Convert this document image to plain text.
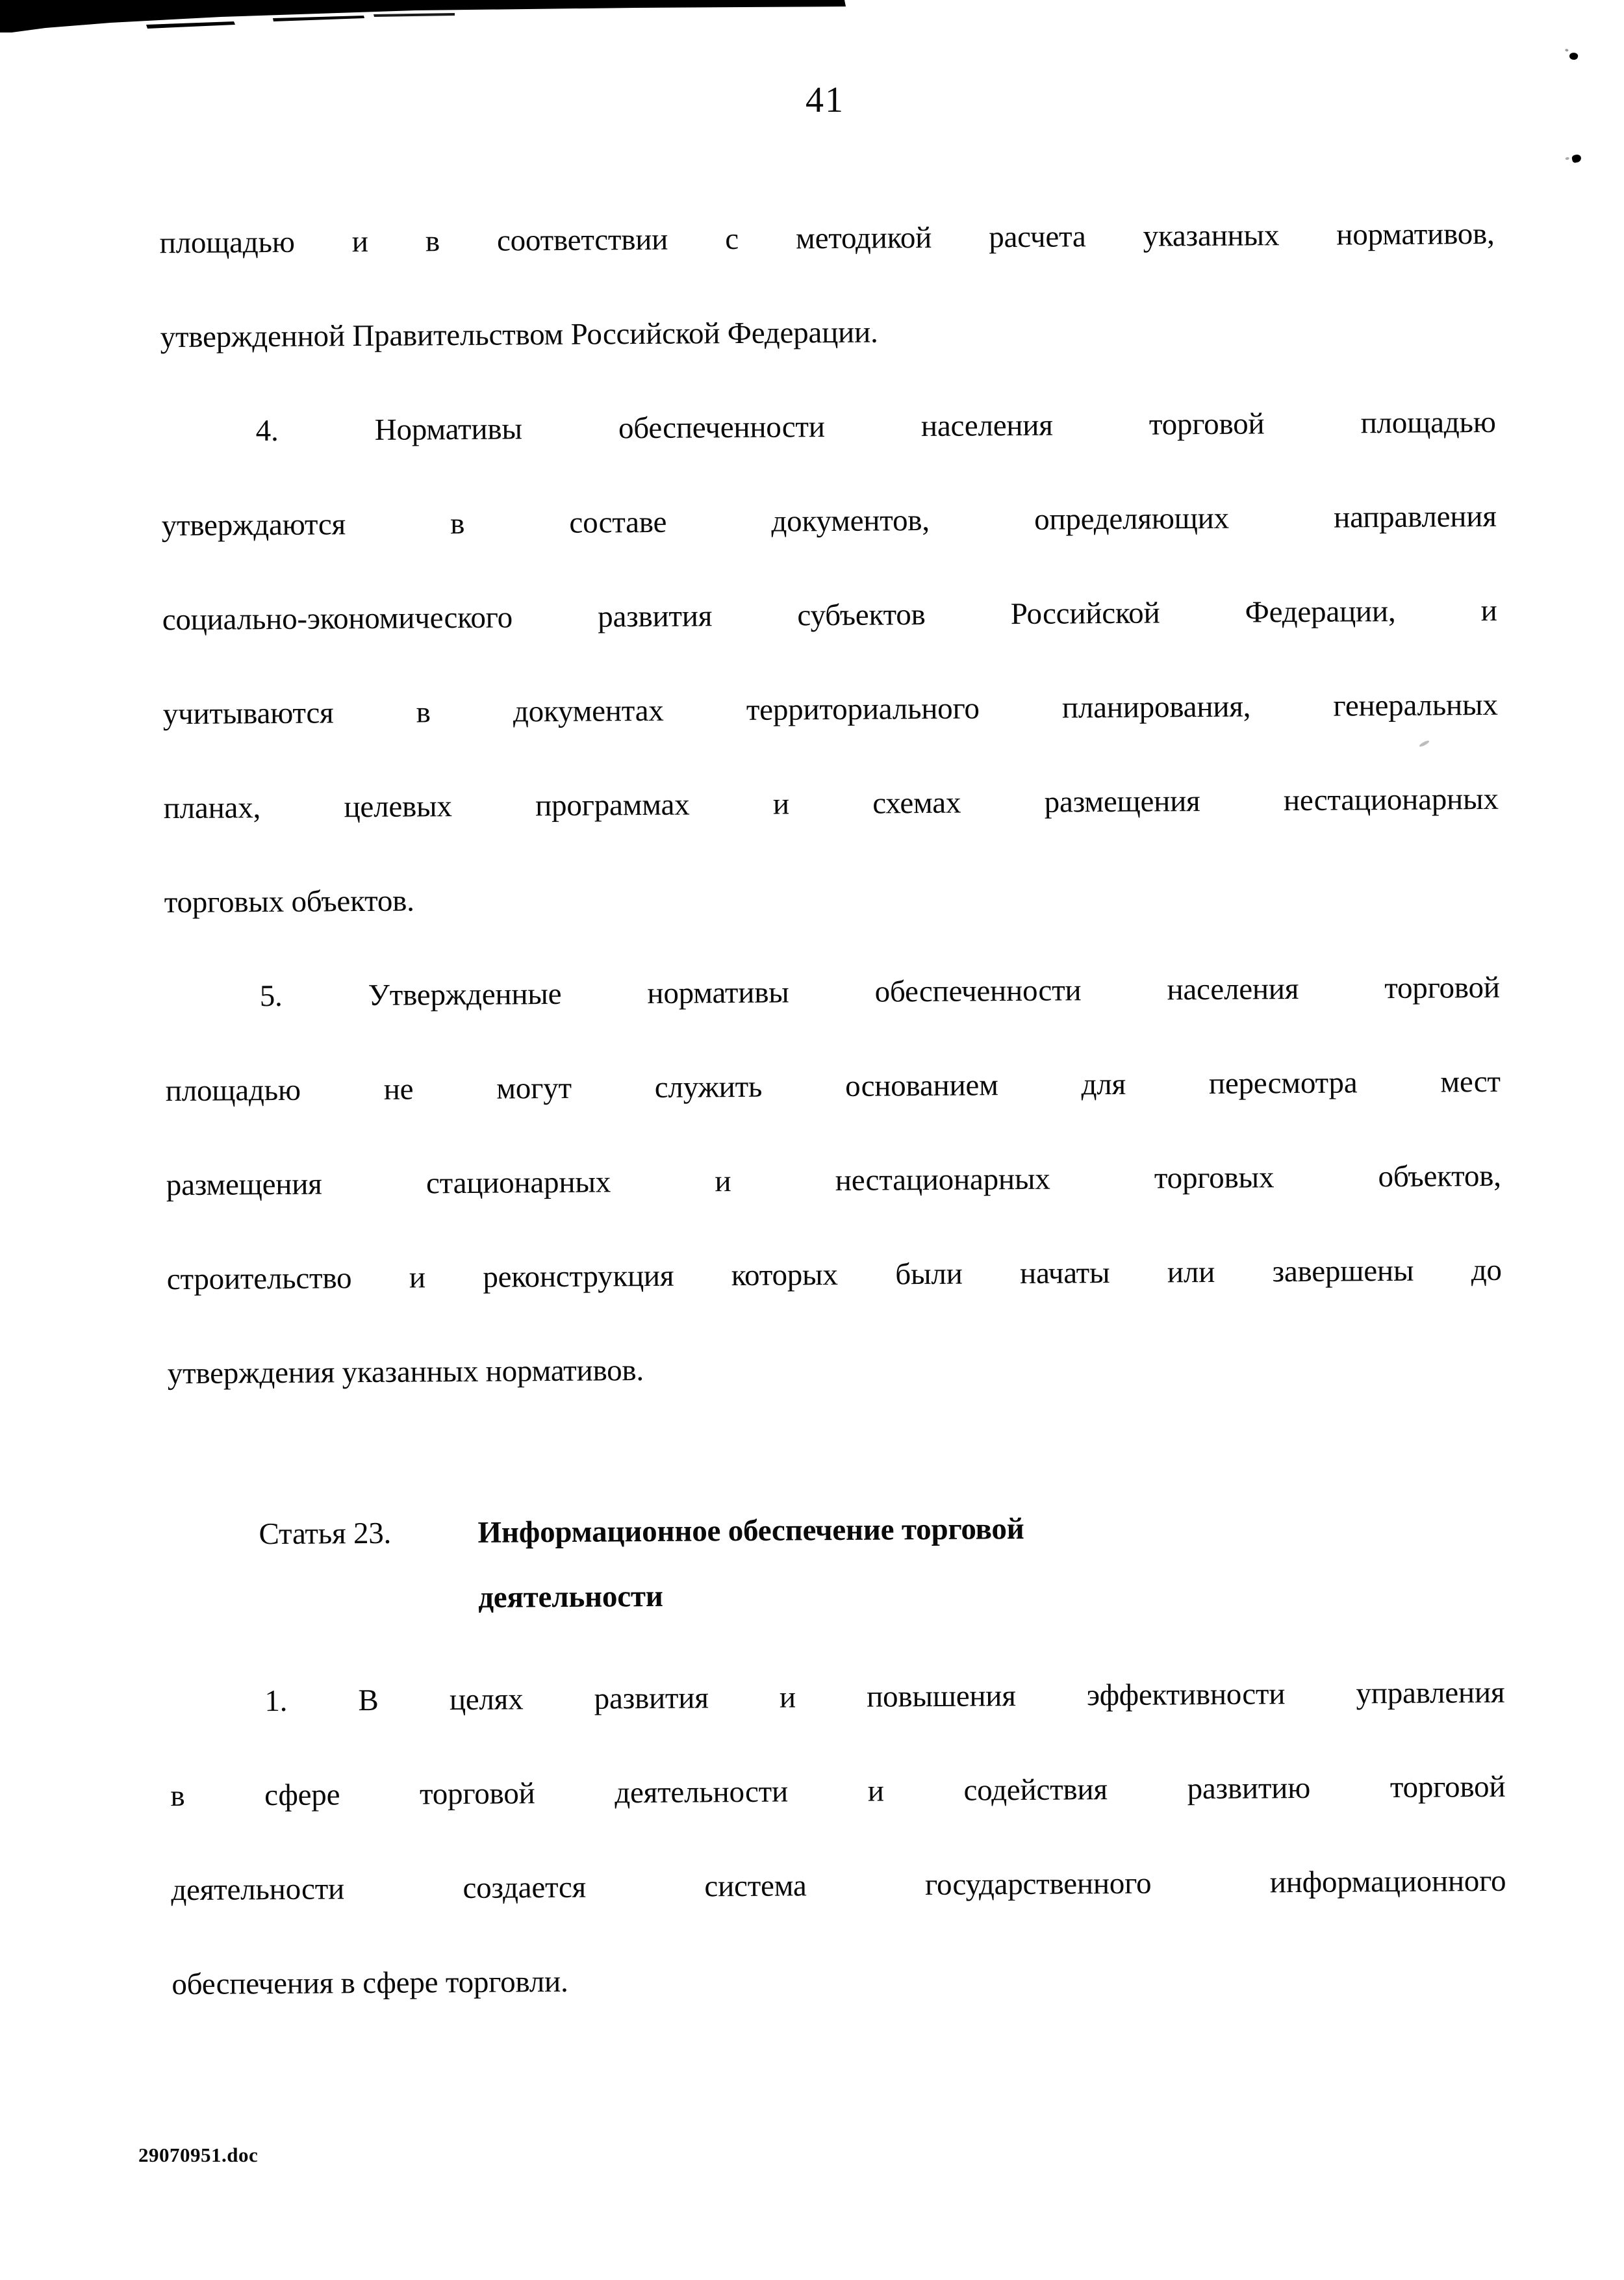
41
площадью и в соответствии с методикой расчета указанных нормативов,
утвержденной Правительством Российской Федерации.
4. Нормативы обеспеченности населения торговой площадью
утверждаются в составе документов, определяющих направления
социально-экономического развития субъектов Российской Федерации, и
учитываются в документах территориального планирования, генеральных
планах, целевых программах и схемах размещения нестационарных
торговых объектов.
5. Утвержденные нормативы обеспеченности населения торговой
площадью не могут служить основанием для пересмотра мест
размещения стационарных и нестационарных торговых объектов,
строительство и реконструкция которых были начаты или завершены до
утверждения указанных нормативов.
Статья 23.	Информационное обеспечение торговой
деятельности
1. В целях развития и повышения эффективности управления
в сфере торговой деятельности и содействия развитию торговой
деятельности создается система государственного информационного
обеспечения в сфере торговли.
29070951.doc
